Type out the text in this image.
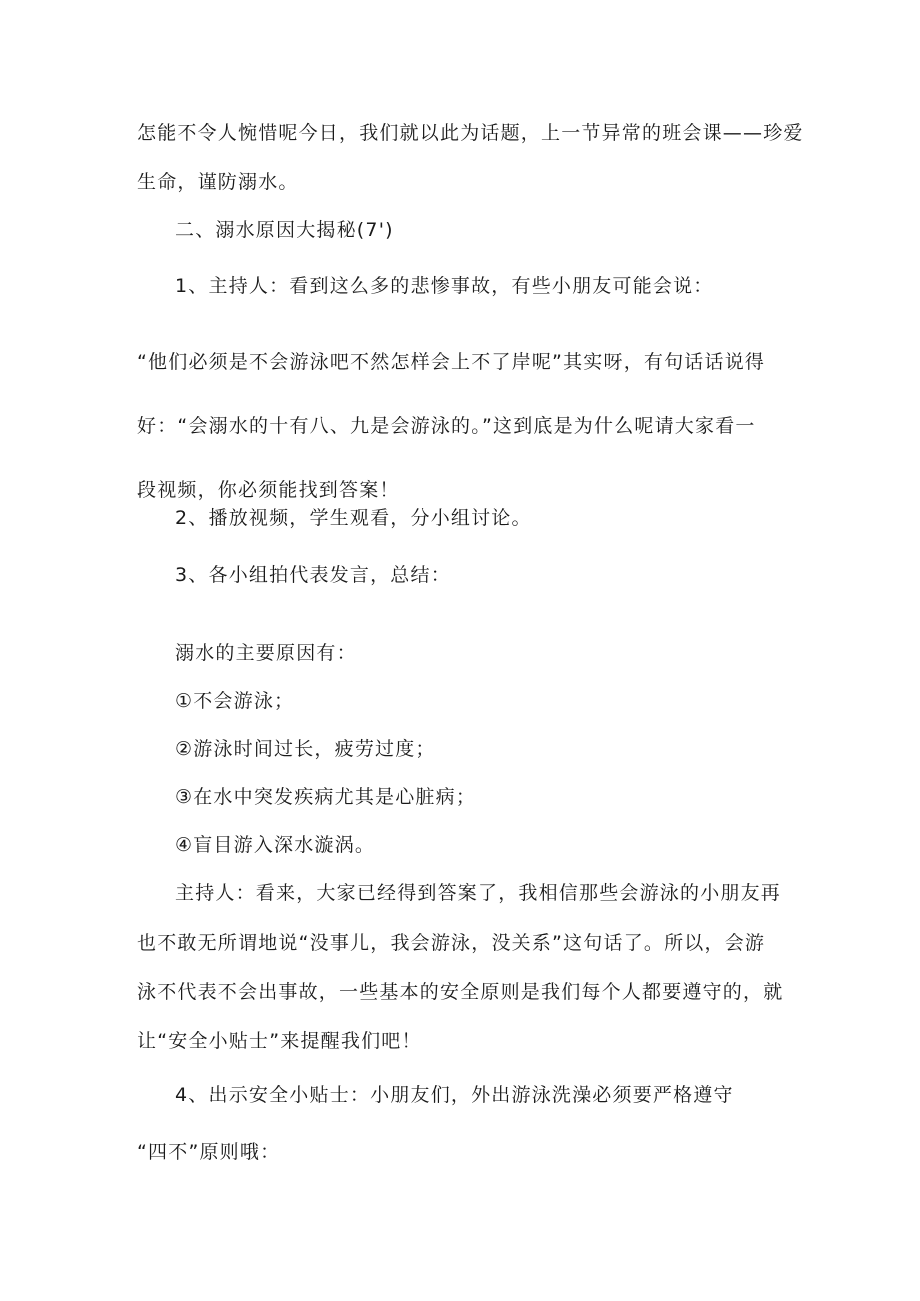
怎能不令人惋惜呢今日，我们就以此为话题，上一节异常的班会课——珍爱
生命，谨防溺水。
二、溺水原因大揭秘(7')
1、主持人：看到这么多的悲惨事故，有些小朋友可能会说：
“他们必须是不会游泳吧不然怎样会上不了岸呢”其实呀，有句话话说得
好：“会溺水的十有八、九是会游泳的。”这到底是为什么呢请大家看一
段视频，你必须能找到答案！
2、播放视频，学生观看，分小组讨论。
3、各小组拍代表发言，总结：
溺水的主要原因有：
①不会游泳；
②游泳时间过长，疲劳过度；
③在水中突发疾病尤其是心脏病；
④盲目游入深水漩涡。
主持人：看来，大家已经得到答案了，我相信那些会游泳的小朋友再
也不敢无所谓地说“没事儿，我会游泳，没关系”这句话了。所以，会游
泳不代表不会出事故，一些基本的安全原则是我们每个人都要遵守的，就
让“安全小贴士”来提醒我们吧！
4、出示安全小贴士：小朋友们，外出游泳洗澡必须要严格遵守
“四不”原则哦：
